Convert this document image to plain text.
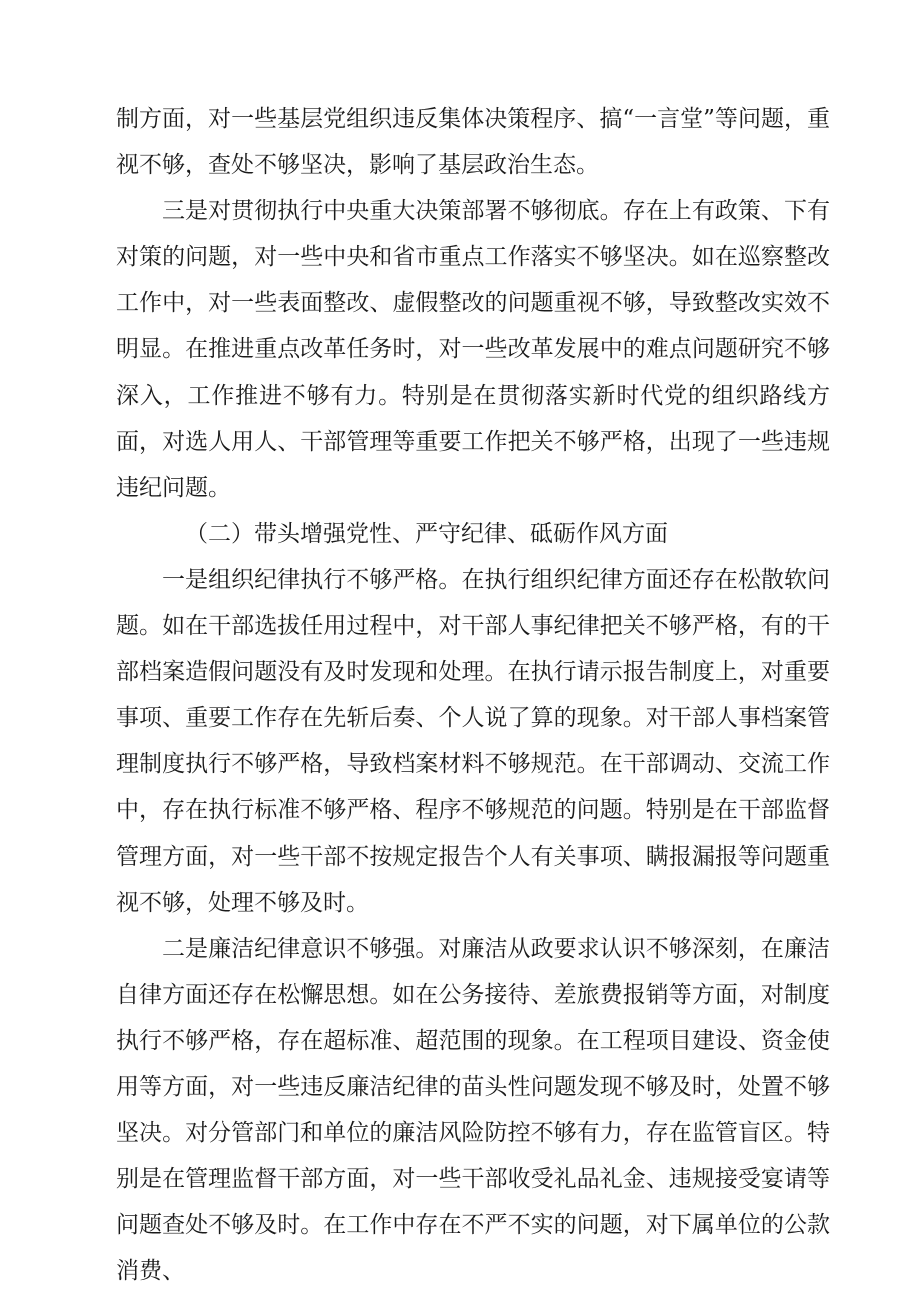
制方面，对一些基层党组织违反集体决策程序、搞“一言堂”等问题，重视不够，查处不够坚决，影响了基层政治生态。

三是对贯彻执行中央重大决策部署不够彻底。存在上有政策、下有对策的问题，对一些中央和省市重点工作落实不够坚决。如在巡察整改工作中，对一些表面整改、虚假整改的问题重视不够，导致整改实效不明显。在推进重点改革任务时，对一些改革发展中的难点问题研究不够深入，工作推进不够有力。特别是在贯彻落实新时代党的组织路线方面，对选人用人、干部管理等重要工作把关不够严格，出现了一些违规违纪问题。

（二）带头增强党性、严守纪律、砥砺作风方面

一是组织纪律执行不够严格。在执行组织纪律方面还存在松散软问题。如在干部选拔任用过程中，对干部人事纪律把关不够严格，有的干部档案造假问题没有及时发现和处理。在执行请示报告制度上，对重要事项、重要工作存在先斩后奏、个人说了算的现象。对干部人事档案管理制度执行不够严格，导致档案材料不够规范。在干部调动、交流工作中，存在执行标准不够严格、程序不够规范的问题。特别是在干部监督管理方面，对一些干部不按规定报告个人有关事项、瞒报漏报等问题重视不够，处理不够及时。

二是廉洁纪律意识不够强。对廉洁从政要求认识不够深刻，在廉洁自律方面还存在松懈思想。如在公务接待、差旅费报销等方面，对制度执行不够严格，存在超标准、超范围的现象。在工程项目建设、资金使用等方面，对一些违反廉洁纪律的苗头性问题发现不够及时，处置不够坚决。对分管部门和单位的廉洁风险防控不够有力，存在监管盲区。特别是在管理监督干部方面，对一些干部收受礼品礼金、违规接受宴请等问题查处不够及时。在工作中存在不严不实的问题，对下属单位的公款消费、
